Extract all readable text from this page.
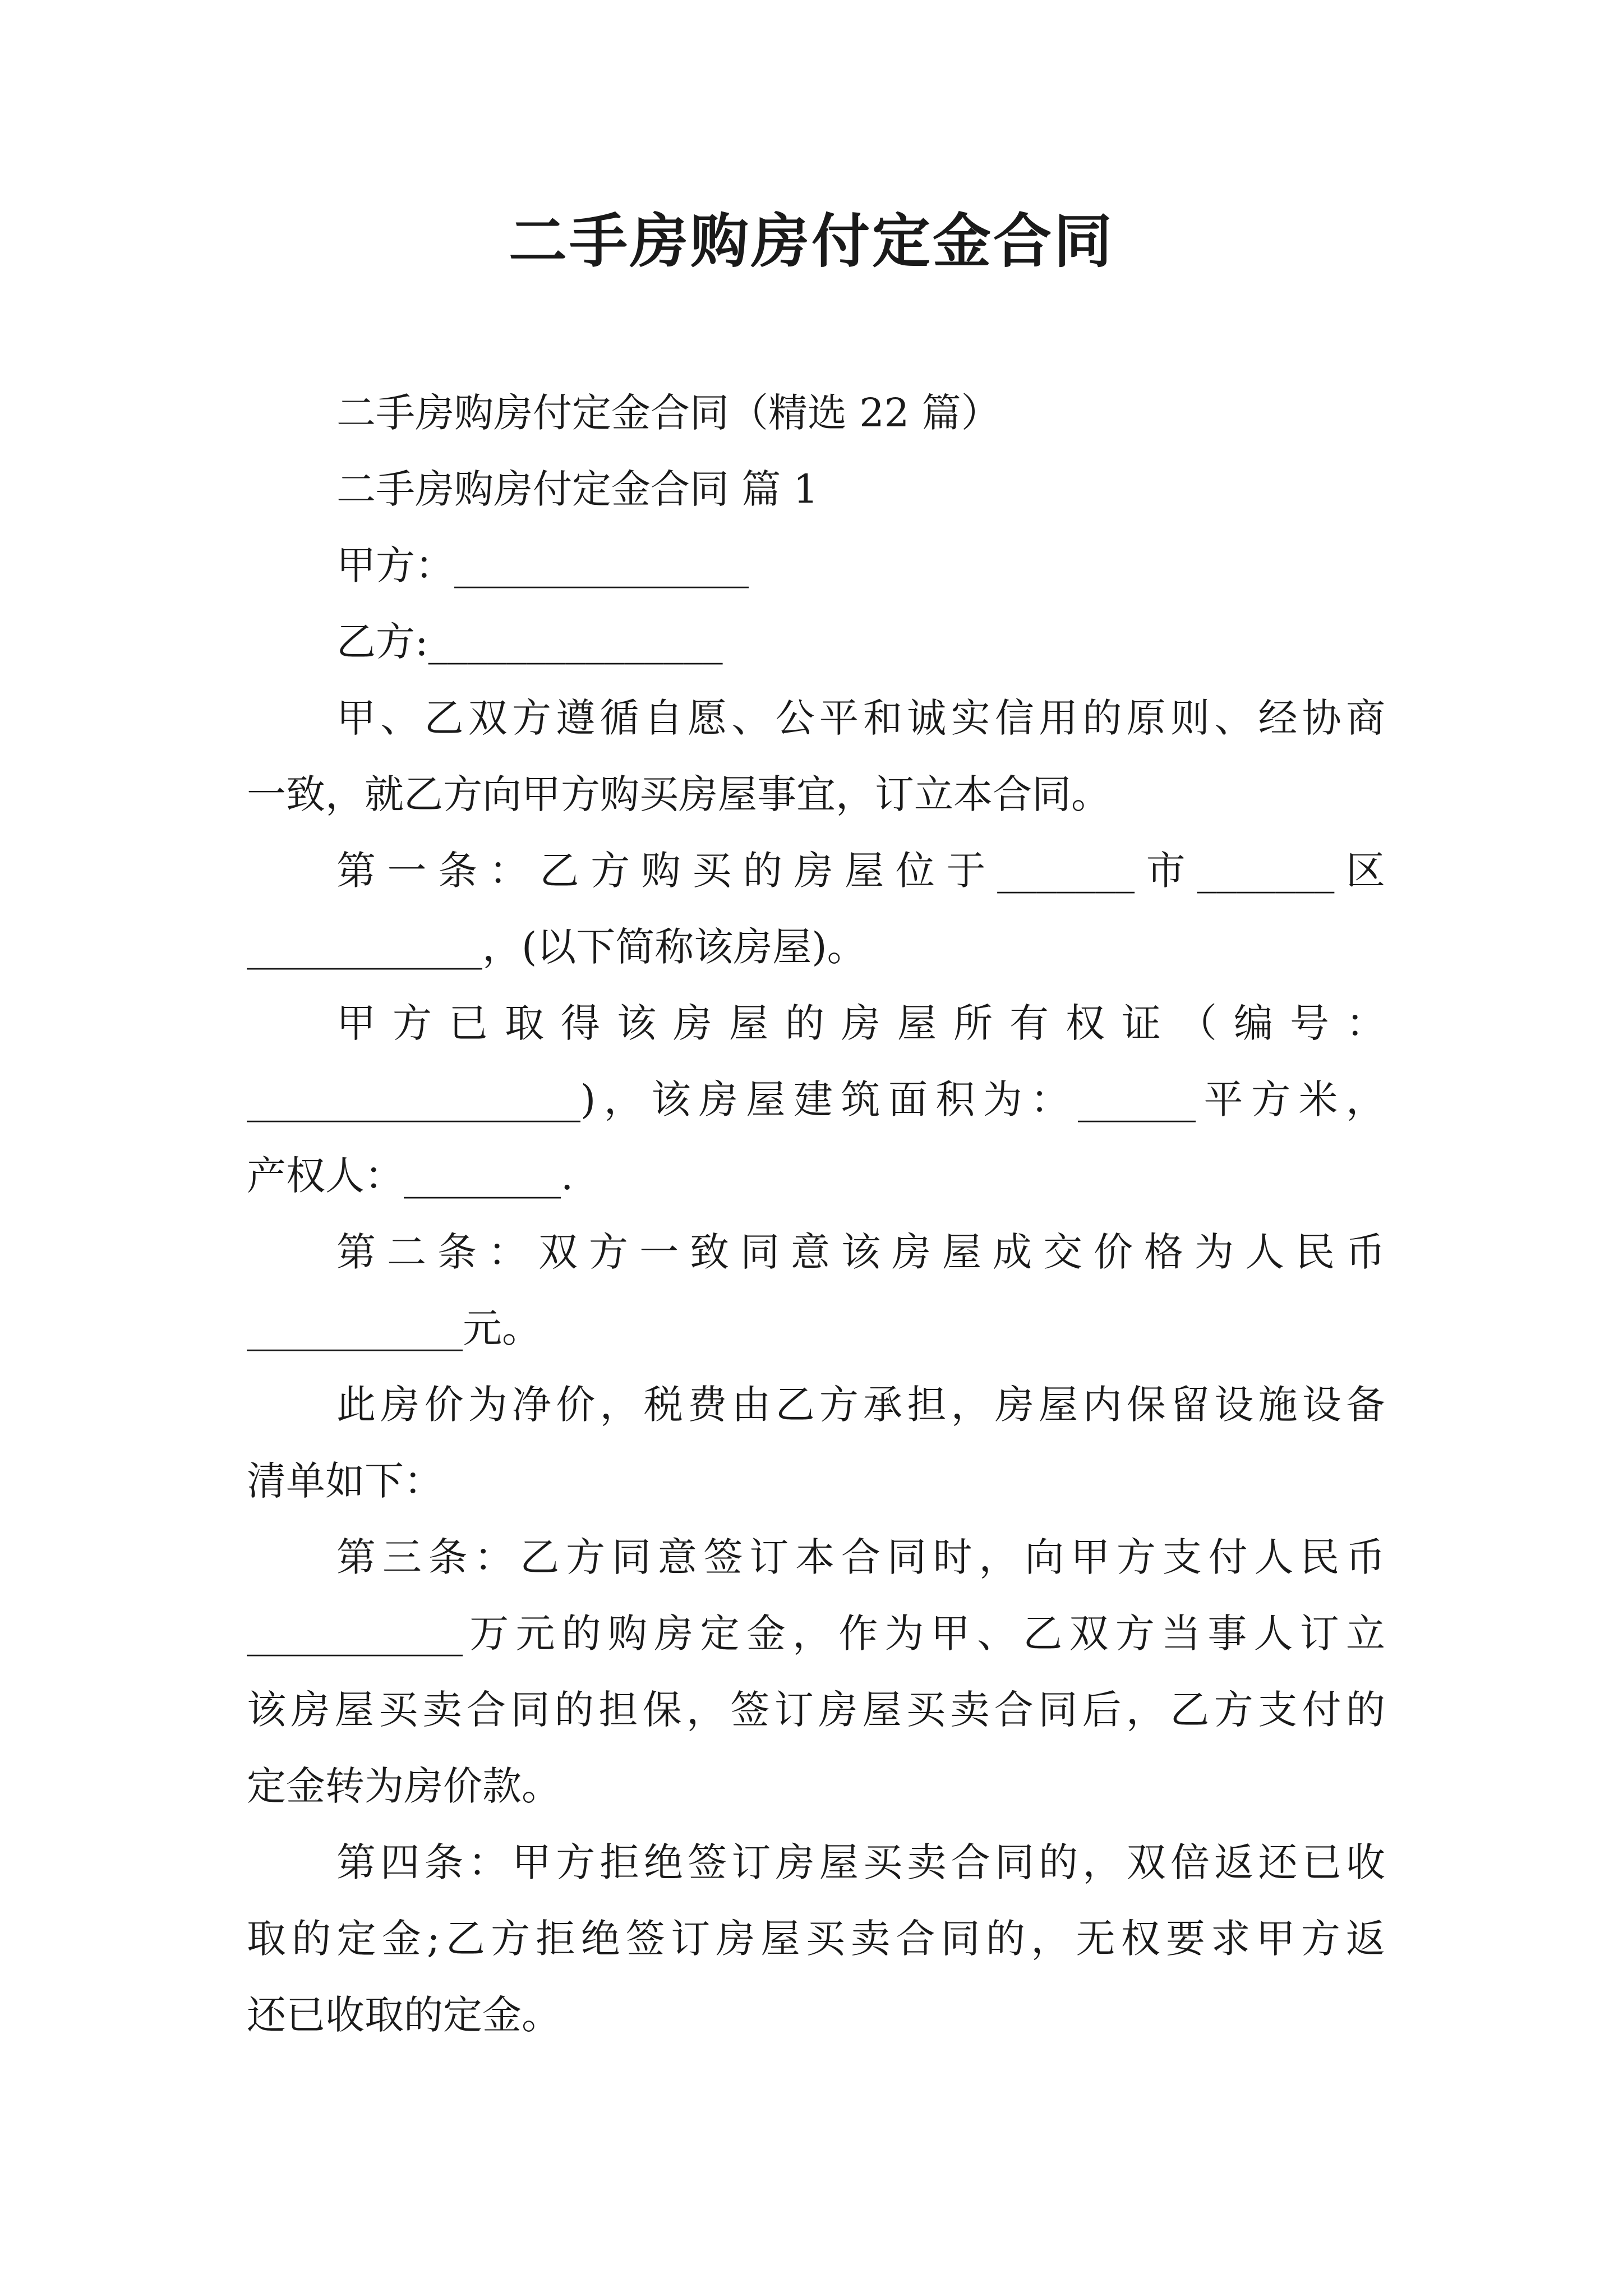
二手房购房付定金合同
二手房购房付定金合同（精选 22 篇）
二手房购房付定金合同 篇 1
甲方：_______________
乙方:_______________
甲、乙双方遵循自愿、公平和诚实信用的原则、经协商
一致，就乙方向甲方购买房屋事宜，订立本合同。
第一条：乙方购买的房屋位于_______市_______区
____________，(以下简称该房屋)。
甲方已取得该房屋的房屋所有权证（编号：
_________________)，该房屋建筑面积为：______平方米，
产权人：________.
第二条：双方一致同意该房屋成交价格为人民币
___________元。
此房价为净价，税费由乙方承担，房屋内保留设施设备
清单如下：
第三条：乙方同意签订本合同时，向甲方支付人民币
___________万元的购房定金，作为甲、乙双方当事人订立
该房屋买卖合同的担保，签订房屋买卖合同后，乙方支付的
定金转为房价款。
第四条：甲方拒绝签订房屋买卖合同的，双倍返还已收
取的定金;乙方拒绝签订房屋买卖合同的，无权要求甲方返
还已收取的定金。
